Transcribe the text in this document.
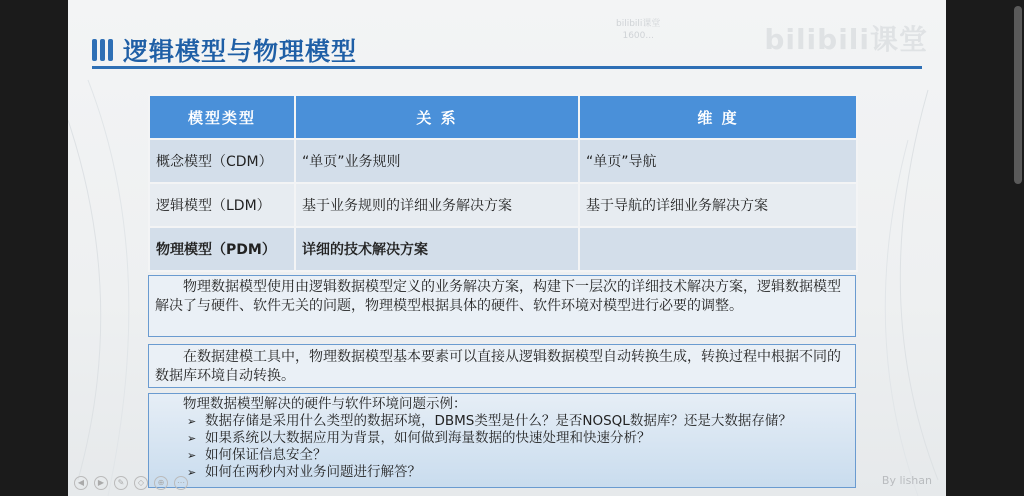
逻辑模型与物理模型
bilibili课堂
1600...	bilibili课堂
模型类型	关 系	维 度
概念模型（CDM）	“单页”业务规则	“单页”导航
逻辑模型（LDM）	基于业务规则的详细业务解决方案	基于导航的详细业务解决方案
物理模型（PDM）	详细的技术解决方案	
物理数据模型使用由逻辑数据模型定义的业务解决方案，构建下一层次的详细技术解决方案，逻辑数据模型解决了与硬件、软件无关的问题，物理模型根据具体的硬件、软件环境对模型进行必要的调整。
在数据建模工具中，物理数据模型基本要素可以直接从逻辑数据模型自动转换生成，转换过程中根据不同的数据库环境自动转换。
物理数据模型解决的硬件与软件环境问题示例：
➢ 数据存储是采用什么类型的数据环境，DBMS类型是什么？是否NOSQL数据库？还是大数据存储？
➢ 如果系统以大数据应用为背景，如何做到海量数据的快速处理和快速分析？
➢ 如何保证信息安全？
➢ 如何在两秒内对业务问题进行解答？
◀	▶	✎	◇	⊕	⋯	By lishan
